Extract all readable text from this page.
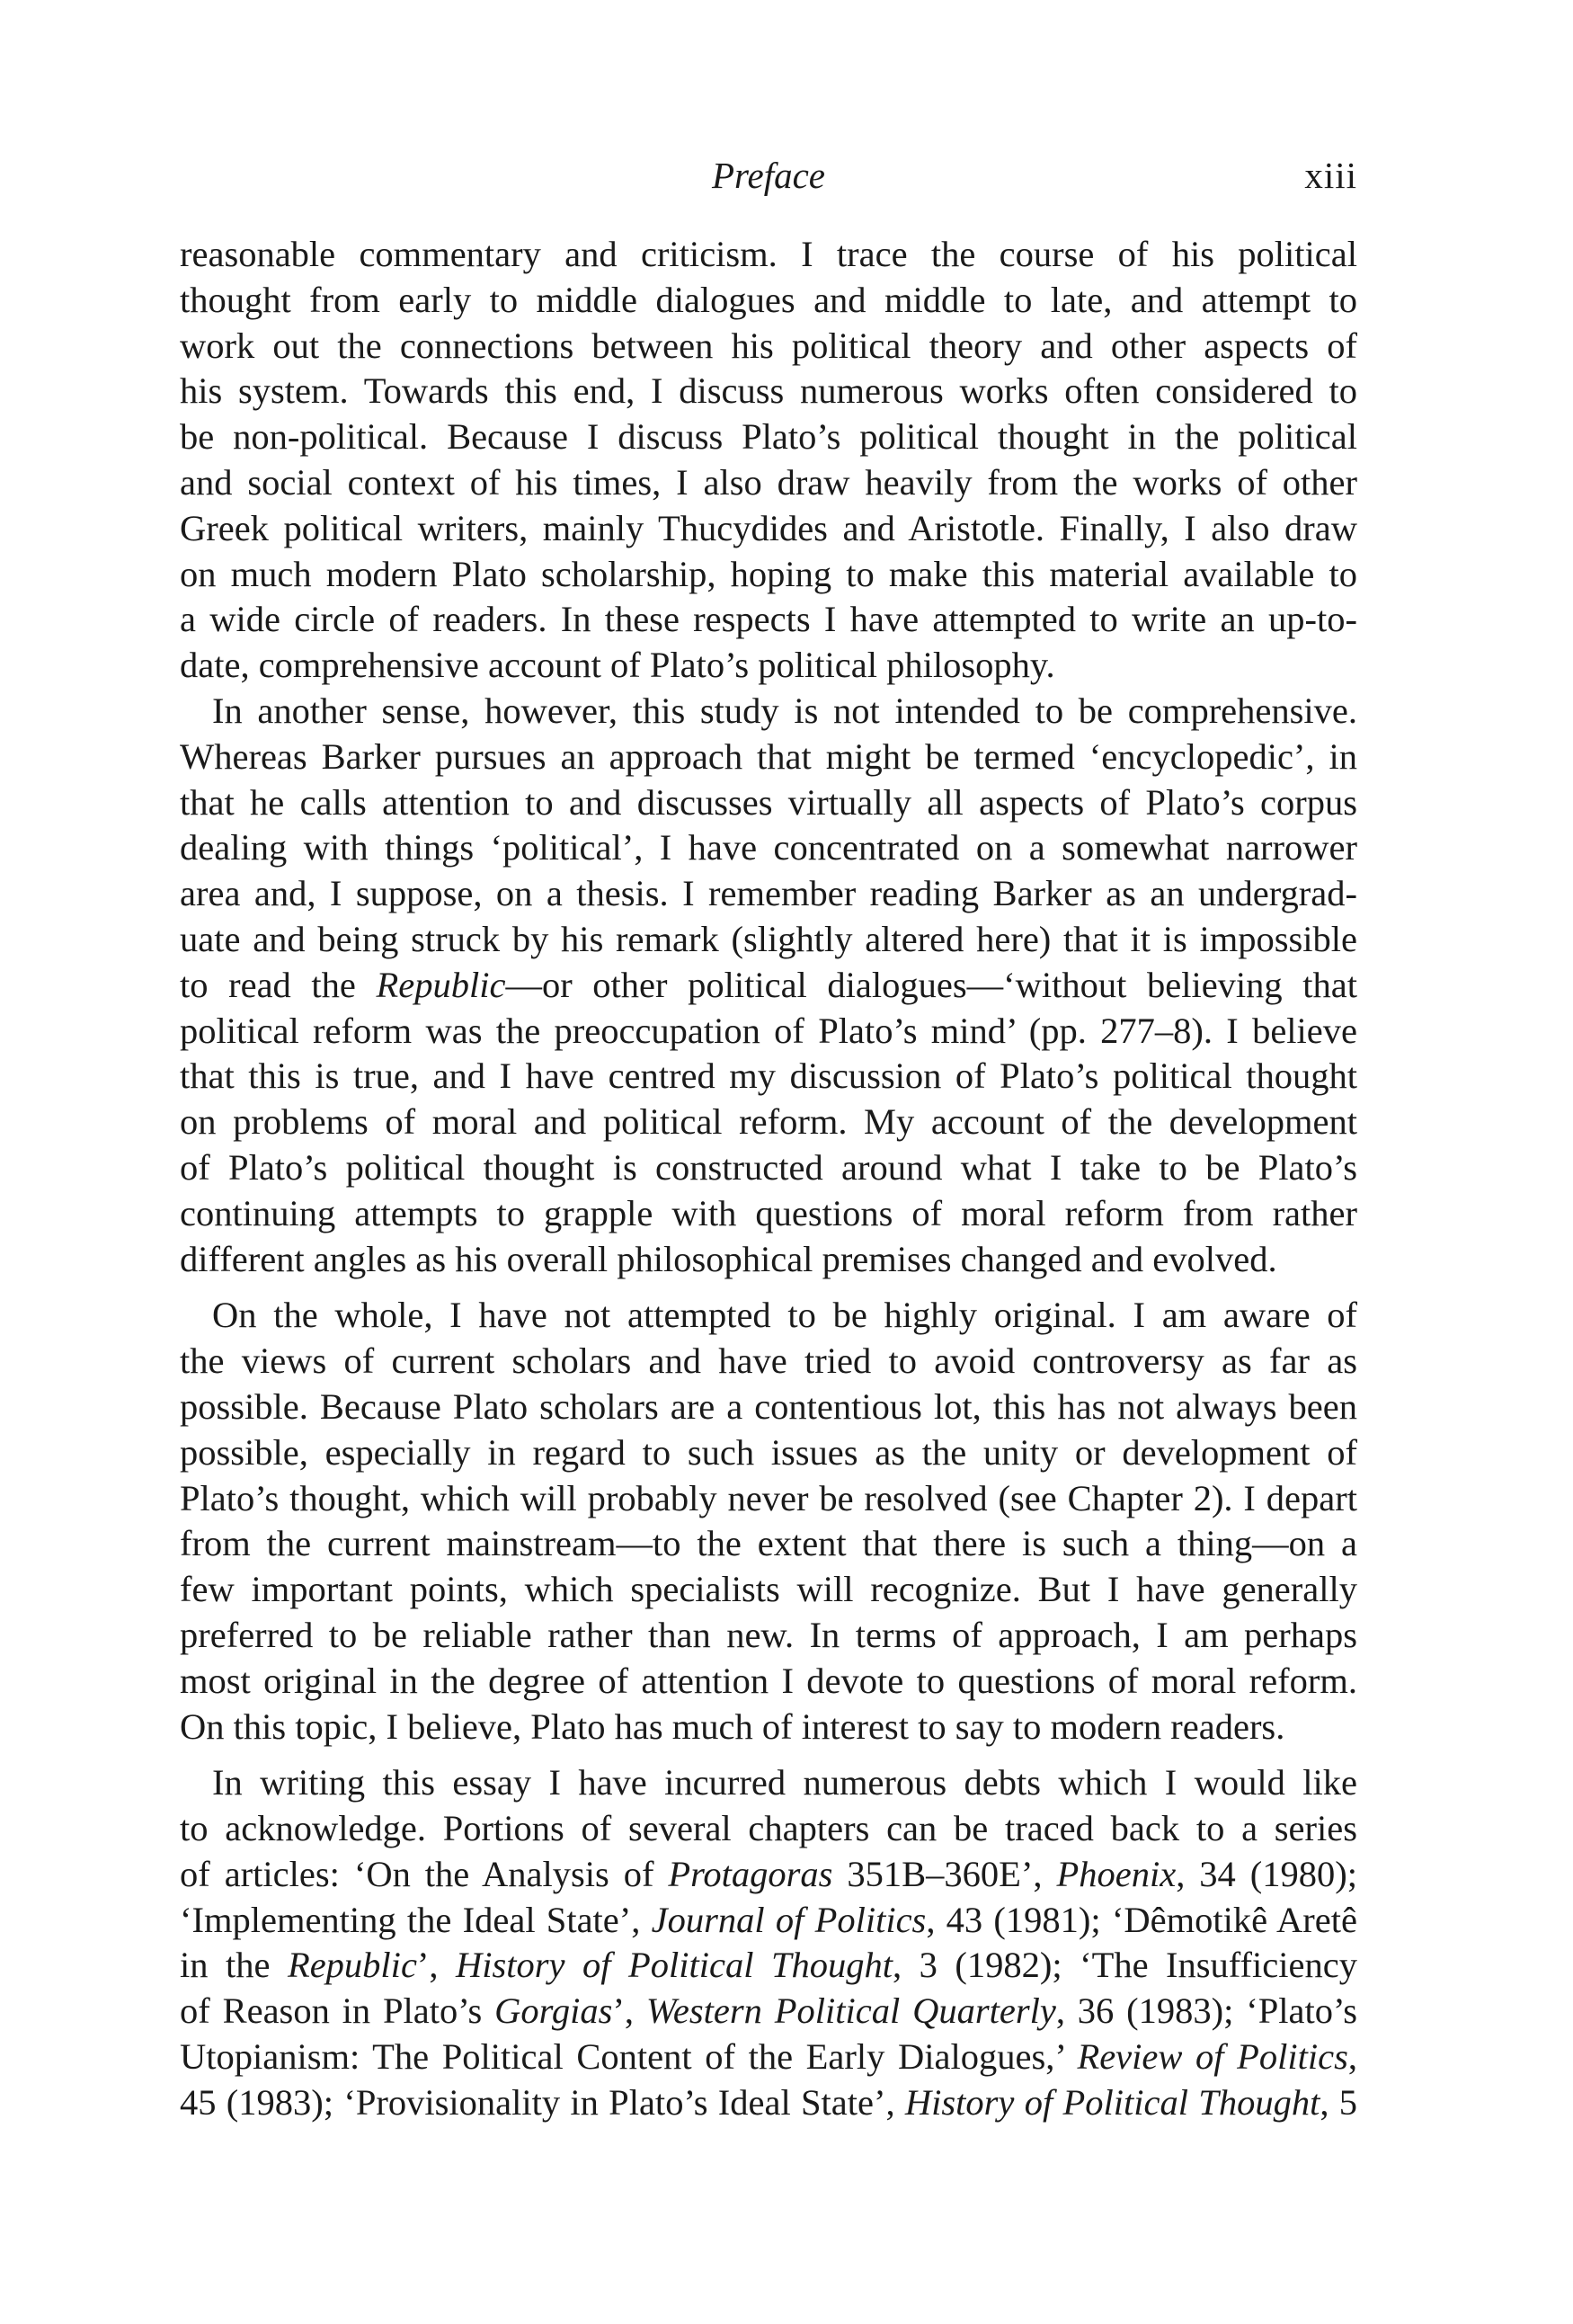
Preface	xiii
reasonable commentary and criticism. I trace the course of his political
thought from early to middle dialogues and middle to late, and attempt to
work out the connections between his political theory and other aspects of
his system. Towards this end, I discuss numerous works often considered to
be non-political. Because I discuss Plato’s political thought in the political
and social context of his times, I also draw heavily from the works of other
Greek political writers, mainly Thucydides and Aristotle. Finally, I also draw
on much modern Plato scholarship, hoping to make this material available to
a wide circle of readers. In these respects I have attempted to write an up-to-
date, comprehensive account of Plato’s political philosophy.
In another sense, however, this study is not intended to be comprehensive.
Whereas Barker pursues an approach that might be termed ‘encyclopedic’, in
that he calls attention to and discusses virtually all aspects of Plato’s corpus
dealing with things ‘political’, I have concentrated on a somewhat narrower
area and, I suppose, on a thesis. I remember reading Barker as an undergrad-
uate and being struck by his remark (slightly altered here) that it is impossible
to read the Republic—or other political dialogues—‘without believing that
political reform was the preoccupation of Plato’s mind’ (pp. 277–8). I believe
that this is true, and I have centred my discussion of Plato’s political thought
on problems of moral and political reform. My account of the development
of Plato’s political thought is constructed around what I take to be Plato’s
continuing attempts to grapple with questions of moral reform from rather
different angles as his overall philosophical premises changed and evolved.
On the whole, I have not attempted to be highly original. I am aware of
the views of current scholars and have tried to avoid controversy as far as
possible. Because Plato scholars are a contentious lot, this has not always been
possible, especially in regard to such issues as the unity or development of
Plato’s thought, which will probably never be resolved (see Chapter 2). I depart
from the current mainstream—to the extent that there is such a thing—on a
few important points, which specialists will recognize. But I have generally
preferred to be reliable rather than new. In terms of approach, I am perhaps
most original in the degree of attention I devote to questions of moral reform.
On this topic, I believe, Plato has much of interest to say to modern readers.
In writing this essay I have incurred numerous debts which I would like
to acknowledge. Portions of several chapters can be traced back to a series
of articles: ‘On the Analysis of Protagoras 351B–360E’, Phoenix, 34 (1980);
‘Implementing the Ideal State’, Journal of Politics, 43 (1981); ‘Dêmotikê Aretê
in the Republic’, History of Political Thought, 3 (1982); ‘The Insufficiency
of Reason in Plato’s Gorgias’, Western Political Quarterly, 36 (1983); ‘Plato’s
Utopianism: The Political Content of the Early Dialogues,’ Review of Politics,
45 (1983); ‘Provisionality in Plato’s Ideal State’, History of Political Thought, 5
